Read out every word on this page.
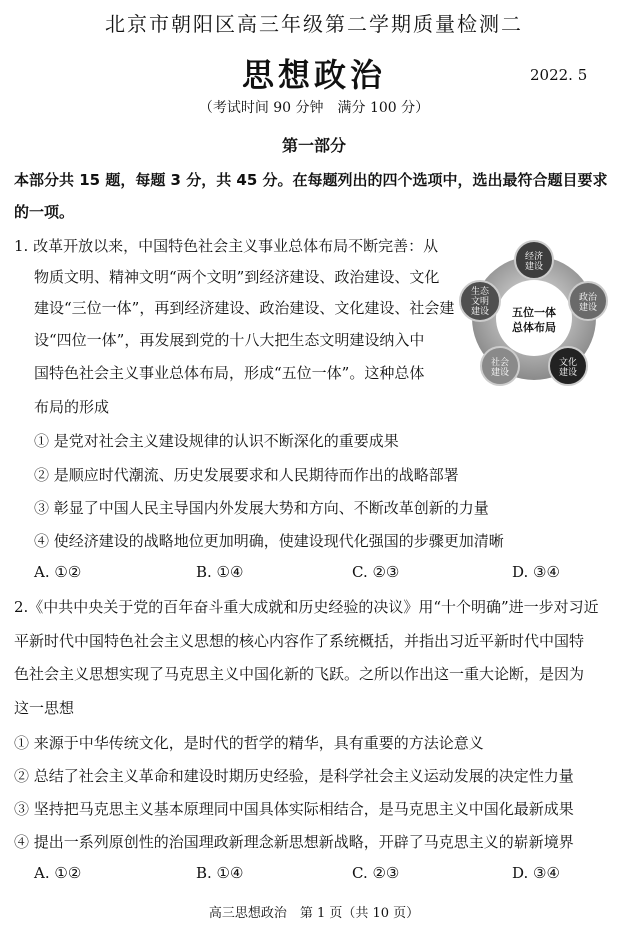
北京市朝阳区高三年级第二学期质量检测二
思想政治	2022. 5
（考试时间 90 分钟　满分 100 分）
第一部分
本部分共 15 题，每题 3 分，共 45 分。在每题列出的四个选项中，选出最符合题目要求
的一项。
1. 改革开放以来，中国特色社会主义事业总体布局不断完善：从
物质文明、精神文明“两个文明”到经济建设、政治建设、文化
建设“三位一体”，再到经济建设、政治建设、文化建设、社会建
设“四位一体”，再发展到党的十八大把生态文明建设纳入中
国特色社会主义事业总体布局，形成“五位一体”。这种总体
布局的形成
五位一体
总体布局
经济
建设
政治
建设
文化
建设
社会
建设
生态
文明
建设
① 是党对社会主义建设规律的认识不断深化的重要成果
② 是顺应时代潮流、历史发展要求和人民期待而作出的战略部署
③ 彰显了中国人民主导国内外发展大势和方向、不断改革创新的力量
④ 使经济建设的战略地位更加明确，使建设现代化强国的步骤更加清晰
A. ①②	B. ①④	C. ②③	D. ③④
2.《中共中央关于党的百年奋斗重大成就和历史经验的决议》用“十个明确”进一步对习近
平新时代中国特色社会主义思想的核心内容作了系统概括，并指出习近平新时代中国特
色社会主义思想实现了马克思主义中国化新的飞跃。之所以作出这一重大论断，是因为
这一思想
① 来源于中华传统文化，是时代的哲学的精华，具有重要的方法论意义
② 总结了社会主义革命和建设时期历史经验，是科学社会主义运动发展的决定性力量
③ 坚持把马克思主义基本原理同中国具体实际相结合，是马克思主义中国化最新成果
④ 提出一系列原创性的治国理政新理念新思想新战略，开辟了马克思主义的崭新境界
A. ①②	B. ①④	C. ②③	D. ③④
高三思想政治　第 1 页（共 10 页）
